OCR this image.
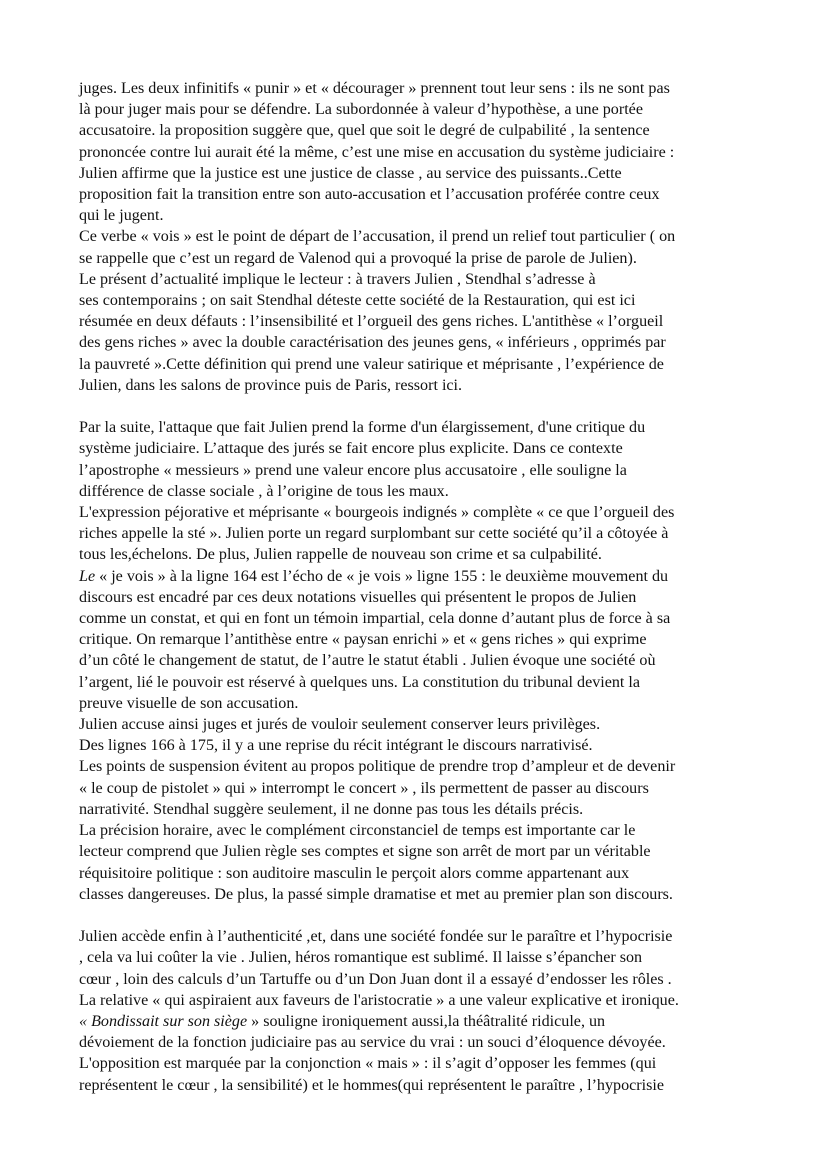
juges. Les deux infinitifs « punir » et « décourager » prennent tout leur sens : ils ne sont pas

là pour juger mais pour se défendre. La subordonnée à valeur d’hypothèse, a une portée

accusatoire. la proposition suggère que, quel que soit le degré de culpabilité , la sentence

prononcée contre lui aurait été la même, c’est une mise en accusation du système judiciaire :

Julien affirme que la justice est une justice de classe , au service des puissants..Cette

proposition fait la transition entre son auto-accusation et l’accusation proférée contre ceux

qui le jugent.

Ce verbe « vois » est le point de départ de l’accusation, il prend un relief tout particulier ( on

se rappelle que c’est un regard de Valenod qui a provoqué la prise de parole de Julien).

Le présent d’actualité implique le lecteur : à travers Julien , Stendhal s’adresse à

ses contemporains ; on sait Stendhal déteste cette société de la Restauration, qui est ici

résumée en deux défauts : l’insensibilité et l’orgueil des gens riches. L'antithèse « l’orgueil

des gens riches » avec la double caractérisation des jeunes gens, « inférieurs , opprimés par

la pauvreté ».Cette définition qui prend une valeur satirique et méprisante , l’expérience de

Julien, dans les salons de province puis de Paris, ressort ici.

Par la suite, l'attaque que fait Julien prend la forme d'un élargissement, d'une critique du

système judiciaire. L’attaque des jurés se fait encore plus explicite. Dans ce contexte

l’apostrophe « messieurs » prend une valeur encore plus accusatoire , elle souligne la

différence de classe sociale , à l’origine de tous les maux.

L'expression péjorative et méprisante « bourgeois indignés » complète « ce que l’orgueil des

riches appelle la sté ». Julien porte un regard surplombant sur cette société qu’il a côtoyée à

tous les,échelons. De plus, Julien rappelle de nouveau son crime et sa culpabilité.

Le « je vois » à la ligne 164 est l’écho de « je vois » ligne 155 : le deuxième mouvement du

discours est encadré par ces deux notations visuelles qui présentent le propos de Julien

comme un constat, et qui en font un témoin impartial, cela donne d’autant plus de force à sa

critique. On remarque l’antithèse entre « paysan enrichi » et « gens riches » qui exprime

d’un côté le changement de statut, de l’autre le statut établi . Julien évoque une société où

l’argent, lié le pouvoir est réservé à quelques uns. La constitution du tribunal devient la

preuve visuelle de son accusation.

Julien accuse ainsi juges et jurés de vouloir seulement conserver leurs privilèges.

Des lignes 166 à 175, il y a une reprise du récit intégrant le discours narrativisé.

Les points de suspension évitent au propos politique de prendre trop d’ampleur et de devenir

« le coup de pistolet » qui » interrompt le concert » , ils permettent de passer au discours

narrativité. Stendhal suggère seulement, il ne donne pas tous les détails précis.

La précision horaire, avec le complément circonstanciel de temps est importante car le

lecteur comprend que Julien règle ses comptes et signe son arrêt de mort par un véritable

réquisitoire politique : son auditoire masculin le perçoit alors comme appartenant aux

classes dangereuses. De plus, la passé simple dramatise et met au premier plan son discours.

Julien accède enfin à l’authenticité ,et, dans une société fondée sur le paraître et l’hypocrisie

, cela va lui coûter la vie . Julien, héros romantique est sublimé. Il laisse s’épancher son

cœur , loin des calculs d’un Tartuffe ou d’un Don Juan dont il a essayé d’endosser les rôles .

La relative « qui aspiraient aux faveurs de l'aristocratie » a une valeur explicative et ironique.

« Bondissait sur son siège » souligne ironiquement aussi,la théâtralité ridicule, un

dévoiement de la fonction judiciaire pas au service du vrai : un souci d’éloquence dévoyée.

L'opposition est marquée par la conjonction « mais » : il s’agit d’opposer les femmes (qui

représentent le cœur , la sensibilité) et le hommes(qui représentent le paraître , l’hypocrisie
